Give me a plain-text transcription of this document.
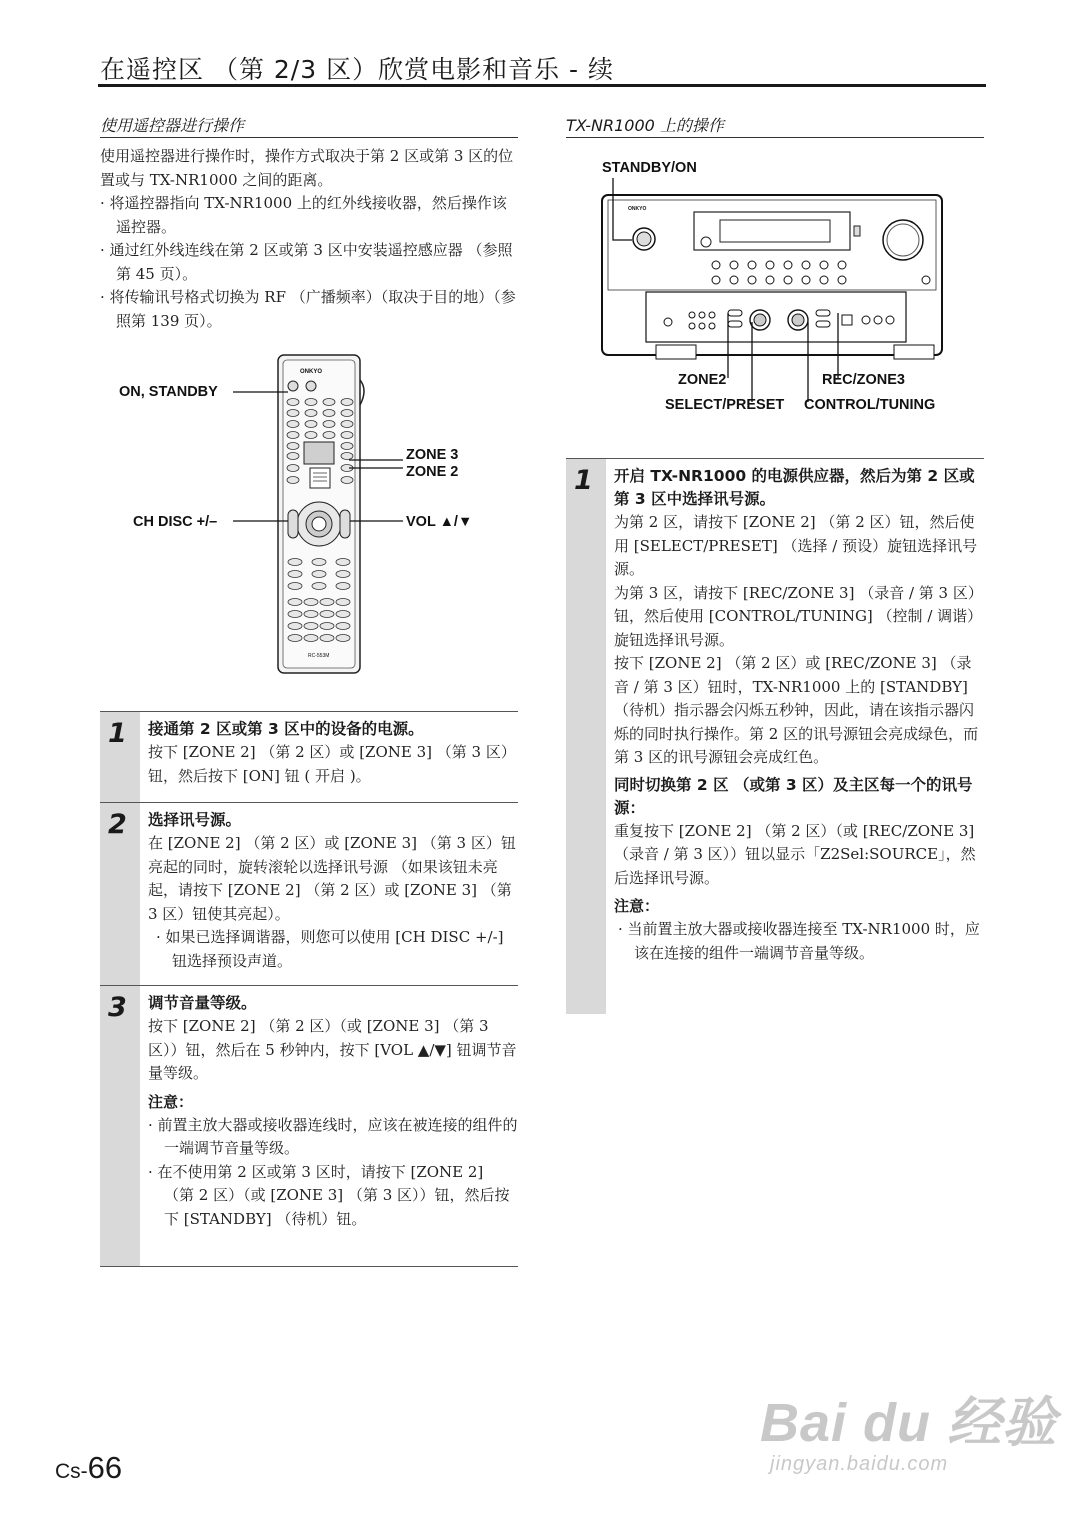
在遥控区 （第 2/3 区）欣赏电影和音乐 - 续
使用遥控器进行操作
使用遥控器进行操作时，操作方式取决于第 2 区或第 3 区的位置或与 TX-NR1000 之间的距离。
· 将遥控器指向 TX-NR1000 上的红外线接收器，然后操作该遥控器。
· 通过红外线连线在第 2 区或第 3 区中安装遥控感应器 （参照第 45 页）。
· 将传输讯号格式切换为 RF （广播频率）（取决于目的地）（参照第 139 页）。
ONKYO
RC-553M
ON, STANDBY
ZONE 3
ZONE 2
CH DISC +/–	VOL ▲/▼
1 接通第 2 区或第 3 区中的设备的电源。
按下 [ZONE 2] （第 2 区）或 [ZONE 3] （第 3 区）钮，然后按下 [ON] 钮 ( 开启 )。
2 选择讯号源。
在 [ZONE 2] （第 2 区）或 [ZONE 3] （第 3 区）钮亮起的同时，旋转滚轮以选择讯号源 （如果该钮未亮起，请按下 [ZONE 2] （第 2 区）或 [ZONE 3] （第 3 区）钮使其亮起）。
· 如果已选择调谐器，则您可以使用 [CH DISC +/-] 钮选择预设声道。
3 调节音量等级。
按下 [ZONE 2] （第 2 区）（或 [ZONE 3] （第 3 区））钮，然后在 5 秒钟内，按下 [VOL ▲/▼] 钮调节音量等级。
注意：
· 前置主放大器或接收器连线时，应该在被连接的组件的一端调节音量等级。
· 在不使用第 2 区或第 3 区时，请按下 [ZONE 2] （第 2 区）（或 [ZONE 3] （第 3 区））钮，然后按下 [STANDBY] （待机）钮。
TX-NR1000 上的操作
STANDBY/ON
ONKYO
ZONE2	REC/ZONE3
SELECT/PRESET CONTROL/TUNING
1 开启 TX-NR1000 的电源供应器，然后为第 2 区或第 3 区中选择讯号源。
为第 2 区，请按下 [ZONE 2] （第 2 区）钮，然后使用 [SELECT/PRESET] （选择 / 预设）旋钮选择讯号源。
为第 3 区，请按下 [REC/ZONE 3] （录音 / 第 3 区）钮，然后使用 [CONTROL/TUNING] （控制 / 调谐）旋钮选择讯号源。
按下 [ZONE 2] （第 2 区）或 [REC/ZONE 3] （录音 / 第 3 区）钮时，TX-NR1000 上的 [STANDBY] （待机）指示器会闪烁五秒钟，因此，请在该指示器闪烁的同时执行操作。第 2 区的讯号源钮会亮成绿色，而第 3 区的讯号源钮会亮成红色。
同时切换第 2 区 （或第 3 区）及主区每一个的讯号源：
重复按下 [ZONE 2] （第 2 区）（或 [REC/ZONE 3] （录音 / 第 3 区））钮以显示「Z2Sel:SOURCE」，然后选择讯号源。
注意：
· 当前置主放大器或接收器连接至 TX-NR1000 时，应该在连接的组件一端调节音量等级。
Cs-66
Bai du 经验
jingyan.baidu.com
